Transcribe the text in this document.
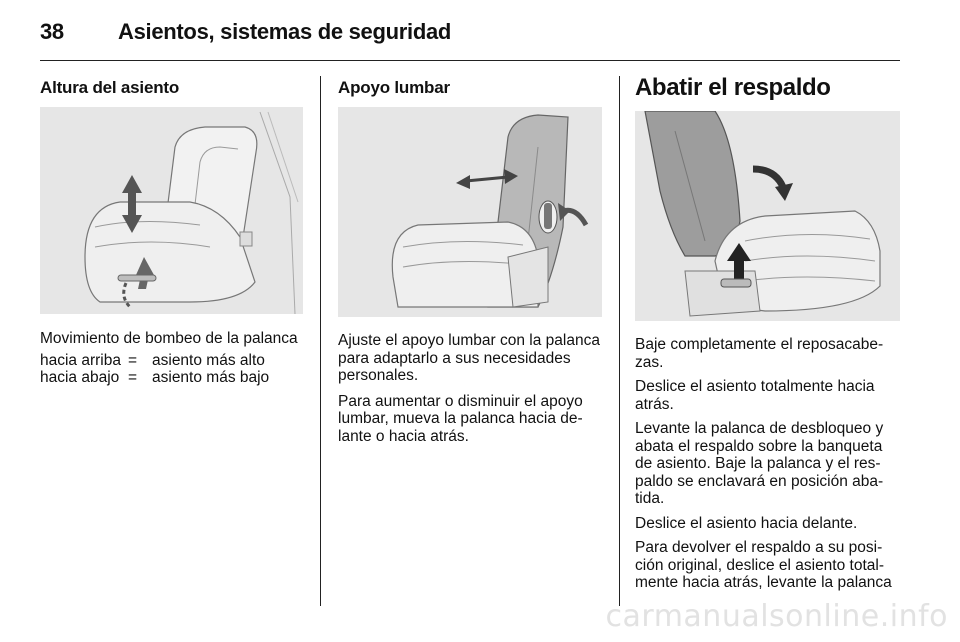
38 Asientos, sistemas de seguridad
Altura del asiento

Movimiento de bombeo de la palanca

hacia arriba = asiento más alto
hacia abajo = asiento más bajo
Apoyo lumbar

Ajuste el apoyo lumbar con la palanca para adaptarlo a sus necesidades personales.

Para aumentar o disminuir el apoyo lumbar, mueva la palanca hacia de-lante o hacia atrás.

Abatir el respaldo

Baje completamente el reposacabe-zas.

Deslice el asiento totalmente hacia atrás.

Levante la palanca de desbloqueo y abata el respaldo sobre la banqueta de asiento. Baje la palanca y el res-paldo se enclavará en posición aba-tida.

Deslice el asiento hacia delante.

Para devolver el respaldo a su posi-ción original, deslice el asiento total-mente hacia atrás, levante la palanca

carmanualsonline.info
